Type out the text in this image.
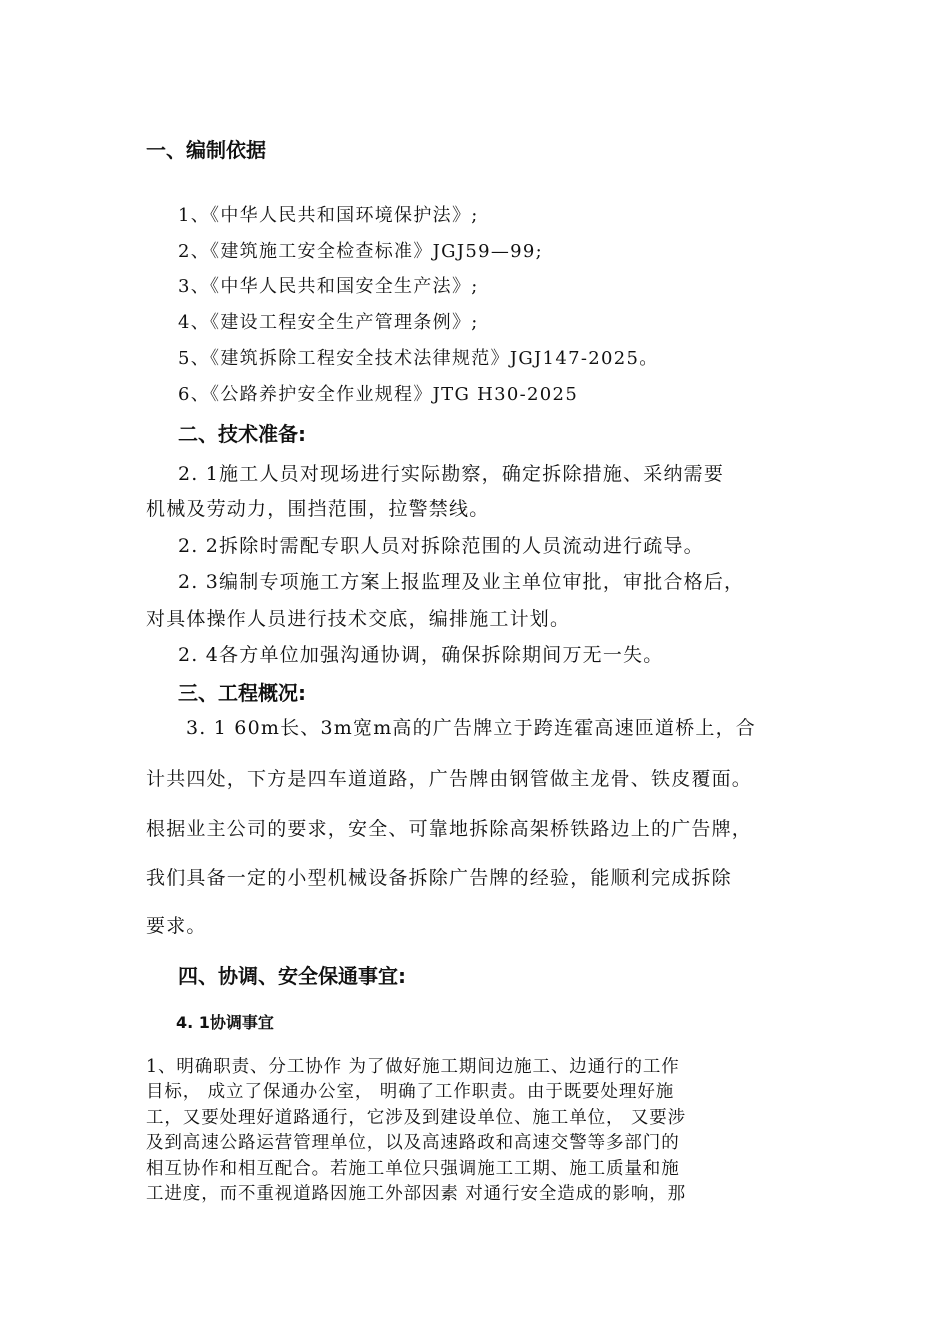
一、编制依据
1、《中华人民共和国环境保护法》;
2、《建筑施工安全检查标准》JGJ59—99;
3、《中华人民共和国安全生产法》;
4、《建设工程安全生产管理条例》;
5、《建筑拆除工程安全技术法律规范》JGJ147-2025。
6、《公路养护安全作业规程》JTG H30-2025
二、技术准备:
2. 1施工人员对现场进行实际勘察，确定拆除措施、采纳需要
机械及劳动力，围挡范围，拉警禁线。
2. 2拆除时需配专职人员对拆除范围的人员流动进行疏导。
2. 3编制专项施工方案上报监理及业主单位审批，审批合格后，
对具体操作人员进行技术交底，编排施工计划。
2. 4各方单位加强沟通协调，确保拆除期间万无一失。
三、工程概况:
3. 1 60m长、3m宽m高的广告牌立于跨连霍高速匝道桥上，合
计共四处，下方是四车道道路，广告牌由钢管做主龙骨、铁皮覆面。
根据业主公司的要求，安全、可靠地拆除高架桥铁路边上的广告牌，
我们具备一定的小型机械设备拆除广告牌的经验，能顺利完成拆除
要求。
四、协调、安全保通事宜:
4. 1协调事宜
1、明确职责、分工协作 为了做好施工期间边施工、边通行的工作
目标， 成立了保通办公室， 明确了工作职责。由于既要处理好施
工，又要处理好道路通行，它涉及到建设单位、施工单位， 又要涉
及到高速公路运营管理单位，以及高速路政和高速交警等多部门的
相互协作和相互配合。若施工单位只强调施工工期、施工质量和施
工进度，而不重视道路因施工外部因素 对通行安全造成的影响，那
